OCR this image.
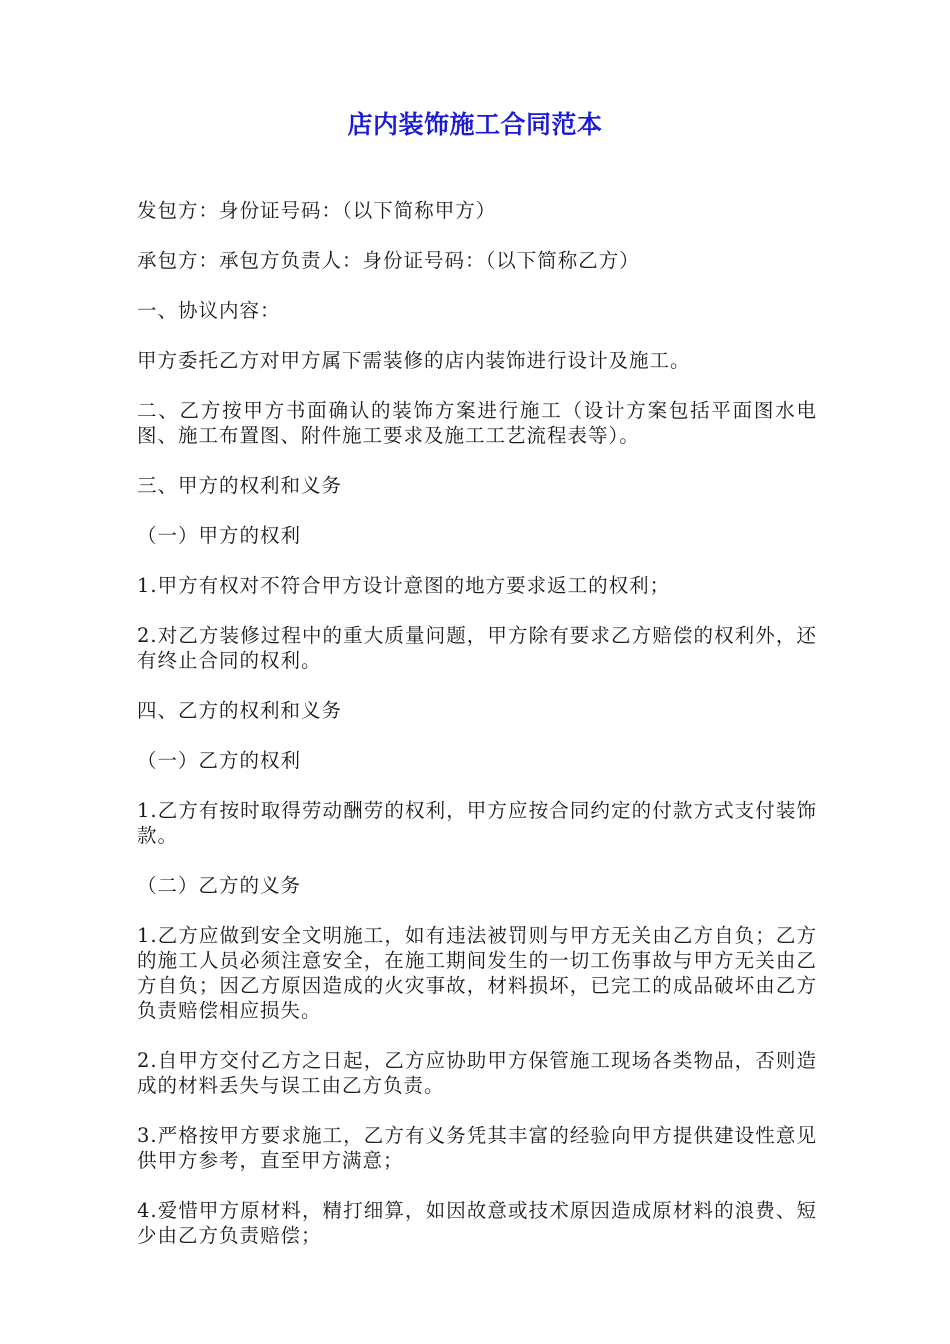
店内装饰施工合同范本

发包方：身份证号码：（以下简称甲方）

承包方：承包方负责人：身份证号码：（以下简称乙方）

一、协议内容：

甲方委托乙方对甲方属下需装修的店内装饰进行设计及施工。

二、乙方按甲方书面确认的装饰方案进行施工（设计方案包括平面图水电图、施工布置图、附件施工要求及施工工艺流程表等）。

三、甲方的权利和义务

（一）甲方的权利

1.甲方有权对不符合甲方设计意图的地方要求返工的权利；

2.对乙方装修过程中的重大质量问题，甲方除有要求乙方赔偿的权利外，还有终止合同的权利。

四、乙方的权利和义务

（一）乙方的权利

1.乙方有按时取得劳动酬劳的权利，甲方应按合同约定的付款方式支付装饰款。

（二）乙方的义务

1.乙方应做到安全文明施工，如有违法被罚则与甲方无关由乙方自负；乙方的施工人员必须注意安全，在施工期间发生的一切工伤事故与甲方无关由乙方自负；因乙方原因造成的火灾事故，材料损坏，已完工的成品破坏由乙方负责赔偿相应损失。

2.自甲方交付乙方之日起，乙方应协助甲方保管施工现场各类物品，否则造成的材料丢失与误工由乙方负责。

3.严格按甲方要求施工，乙方有义务凭其丰富的经验向甲方提供建设性意见供甲方参考，直至甲方满意；

4.爱惜甲方原材料，精打细算，如因故意或技术原因造成原材料的浪费、短少由乙方负责赔偿；
